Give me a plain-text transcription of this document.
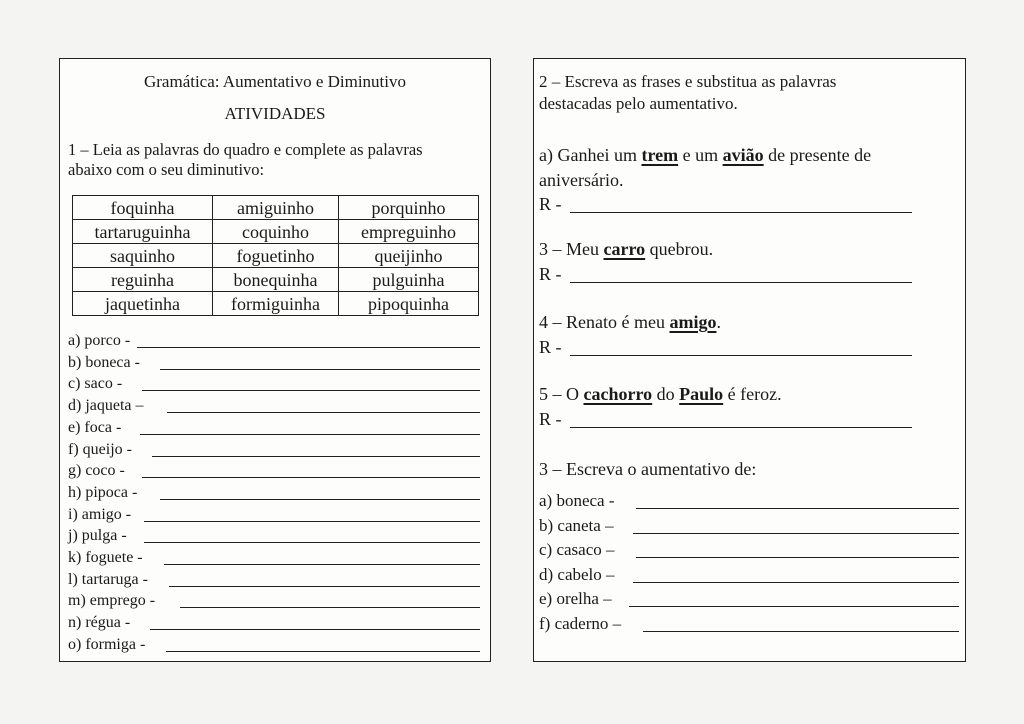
Gramática: Aumentativo e Diminutivo
ATIVIDADES
1 – Leia as palavras do quadro e complete as palavras
abaixo com o seu diminutivo:
foquinha	amiguinho	porquinho
tartaruguinha	coquinho	empreguinho
saquinho	foguetinho	queijinho
reguinha	bonequinha	pulguinha
jaquetinha	formiguinha	pipoquinha
a) porco -
b) boneca -
c) saco -
d) jaqueta –
e) foca -
f) queijo -
g) coco -
h) pipoca -
i) amigo -
j) pulga -
k) foguete -
l) tartaruga -
m) emprego -
n) régua -
o) formiga -
2 – Escreva as frases e substitua as palavras
destacadas pelo aumentativo.
a) Ganhei um trem e um avião de presente de
aniversário.
R -
3 – Meu carro quebrou.
R -
4 – Renato é meu amigo.
R -
5 – O cachorro do Paulo é feroz.
R -
3 – Escreva o aumentativo de:
a) boneca -
b) caneta –
c) casaco –
d) cabelo –
e) orelha –
f) caderno –
